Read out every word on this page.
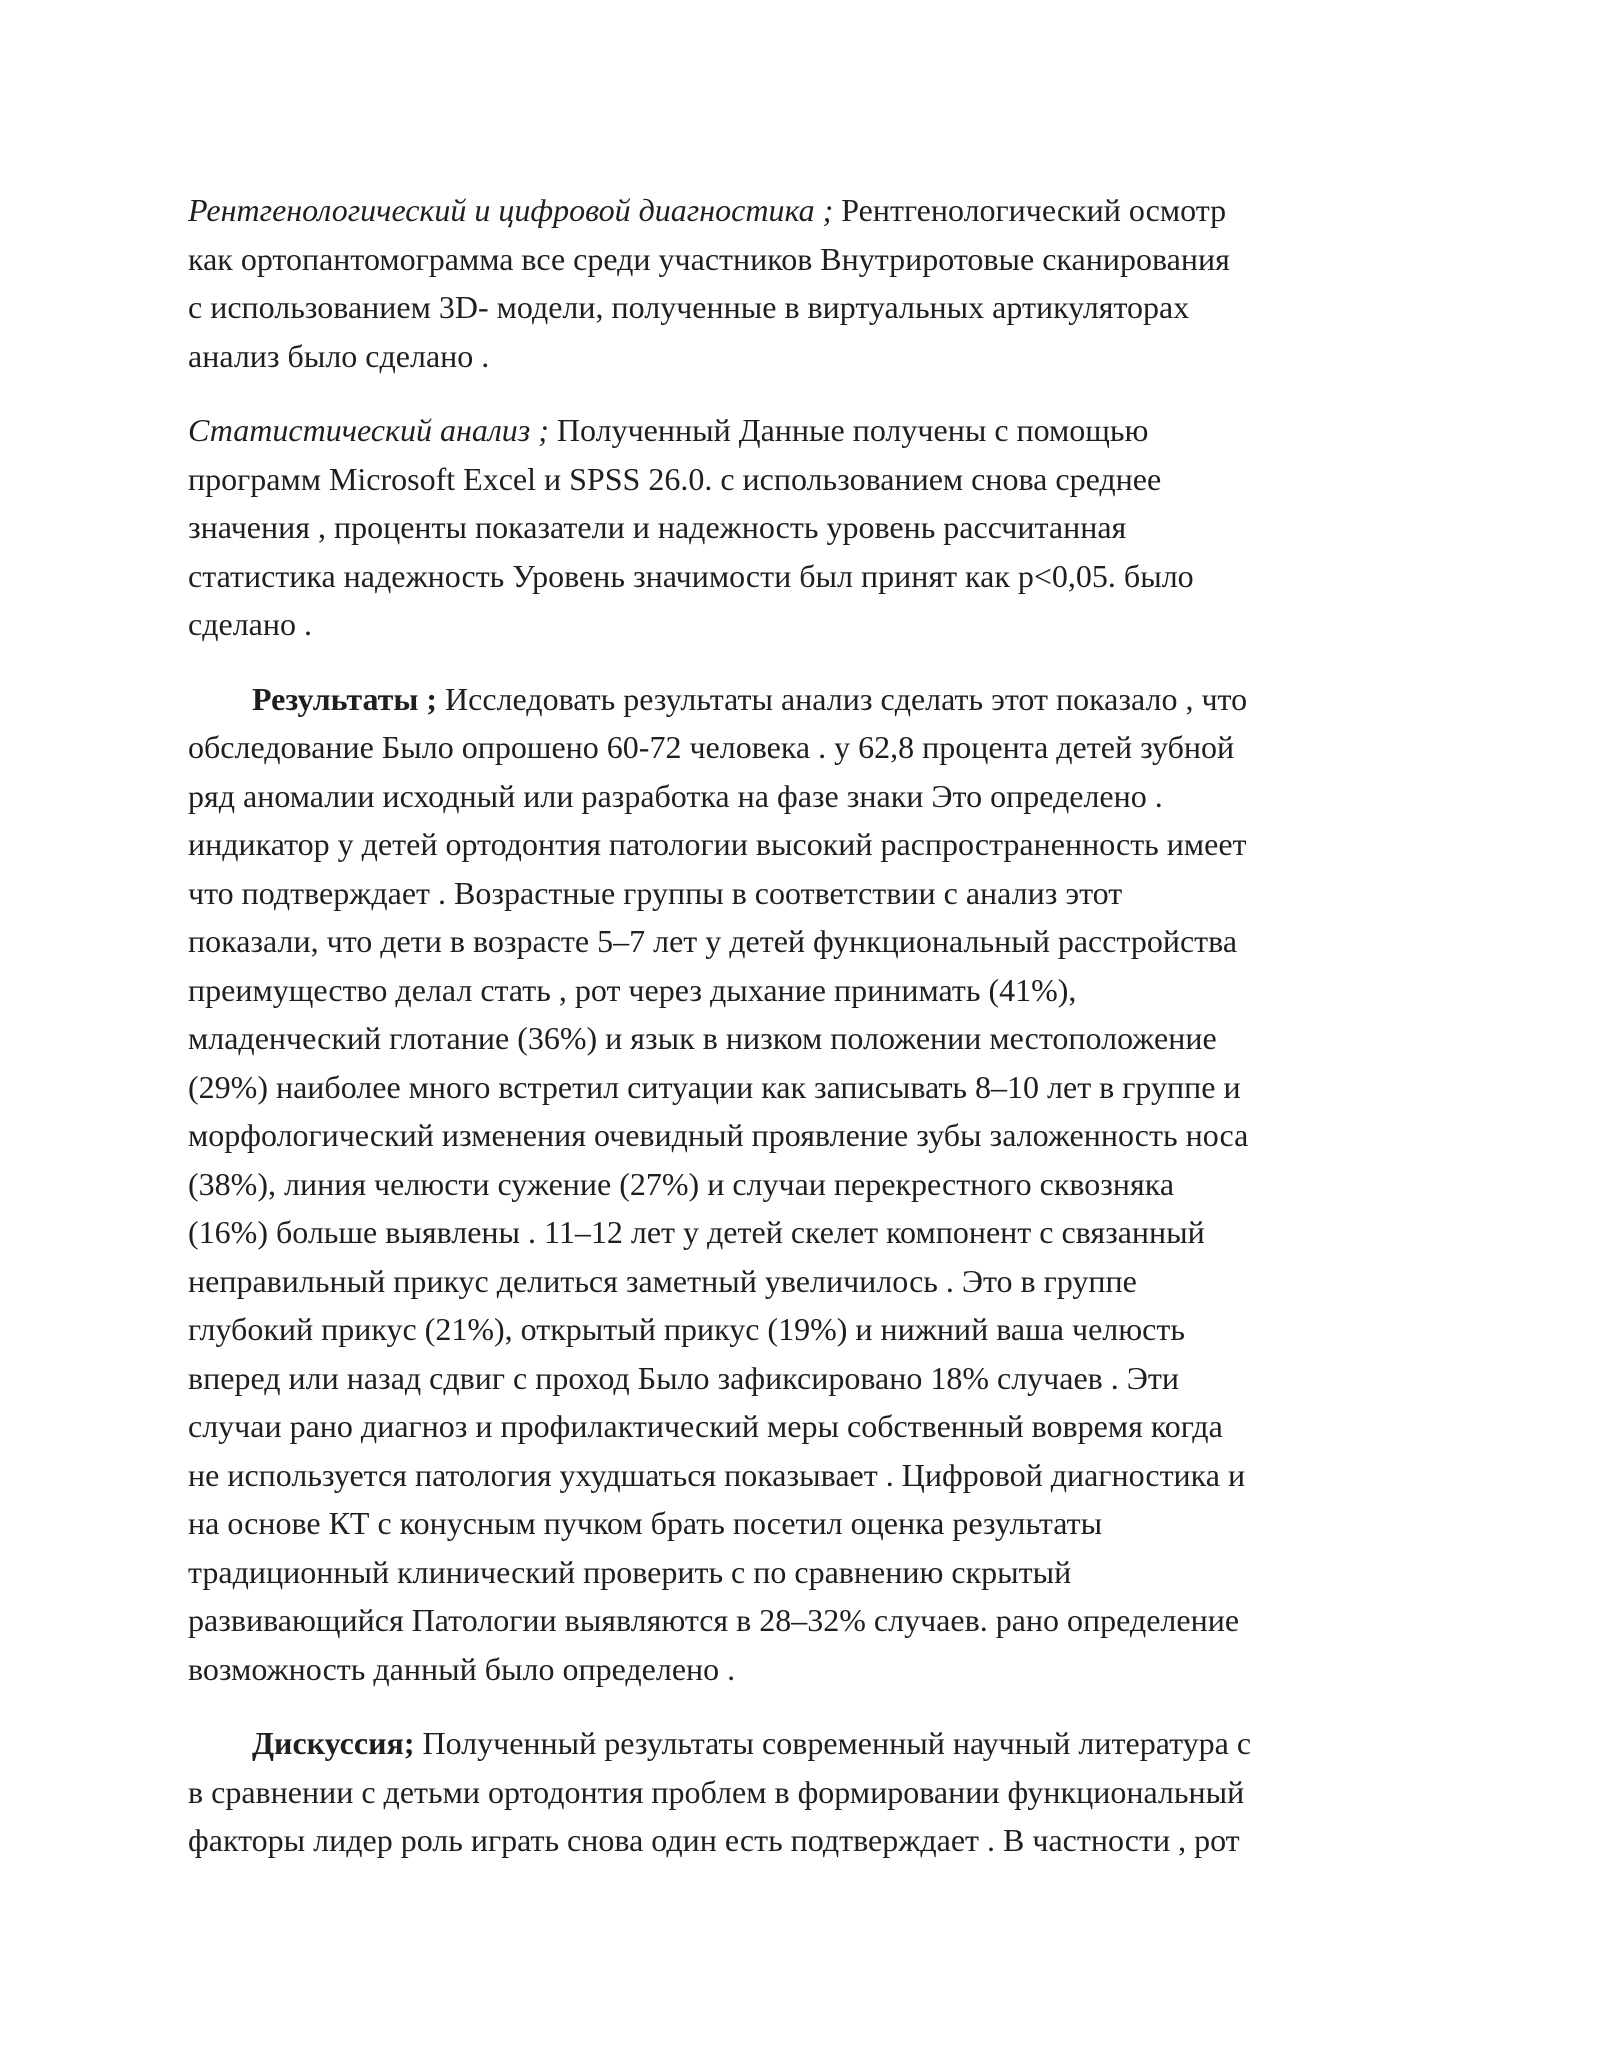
Рентгенологический и цифровой диагностика ; Рентгенологический осмотр
как ортопантомограмма все среди участников Внутриротовые сканирования
с использованием 3D- модели, полученные в виртуальных артикуляторах
анализ было сделано .

Статистический анализ ; Полученный Данные получены с помощью
программ Microsoft Excel и SPSS 26.0. с использованием снова среднее
значения , проценты показатели и надежность уровень рассчитанная
статистика надежность Уровень значимости был принят как p<0,05. было
сделано .

Результаты ; Исследовать результаты анализ сделать этот показало , что
обследование Было опрошено 60-72 человека . у 62,8 процента детей зубной
ряд аномалии исходный или разработка на фазе знаки Это определено .
индикатор у детей ортодонтия патологии высокий распространенность имеет
что подтверждает . Возрастные группы в соответствии с анализ этот
показали, что дети в возрасте 5–7 лет у детей функциональный расстройства
преимущество делал стать , рот через дыхание принимать (41%),
младенческий глотание (36%) и язык в низком положении местоположение
(29%) наиболее много встретил ситуации как записывать 8–10 лет в группе и
морфологический изменения очевидный проявление зубы заложенность носа
(38%), линия челюсти сужение (27%) и случаи перекрестного сквозняка
(16%) больше выявлены . 11–12 лет у детей скелет компонент с связанный
неправильный прикус делиться заметный увеличилось . Это в группе
глубокий прикус (21%), открытый прикус (19%) и нижний ваша челюсть
вперед или назад сдвиг с проход Было зафиксировано 18% случаев . Эти
случаи рано диагноз и профилактический меры собственный вовремя когда
не используется патология ухудшаться показывает . Цифровой диагностика и
на основе КТ с конусным пучком брать посетил оценка результаты
традиционный клинический проверить с по сравнению скрытый
развивающийся Патологии выявляются в 28–32% случаев. рано определение
возможность данный было определено .

Дискуссия; Полученный результаты современный научный литература с
в сравнении с детьми ортодонтия проблем в формировании функциональный
факторы лидер роль играть снова один есть подтверждает . В частности , рот
